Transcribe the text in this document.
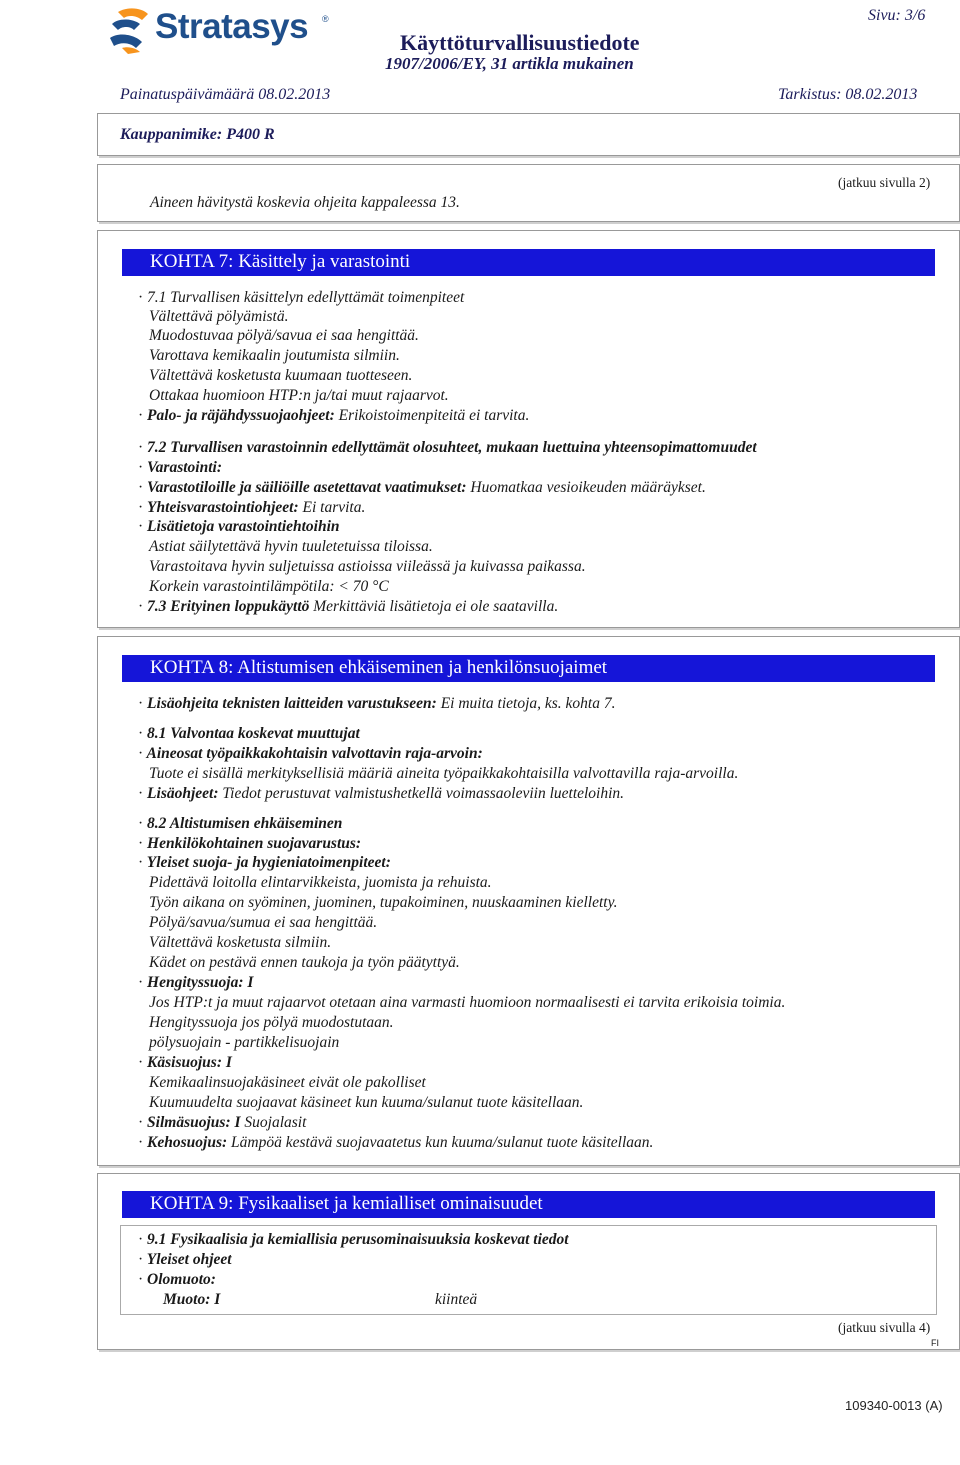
Stratasys ®	Sivu: 3/6
Käyttöturvallisuustiedote
1907/2006/EY, 31 artikla mukainen
Painatuspäivämäärä 08.02.2013	Tarkistus: 08.02.2013
Kauppanimike: P400 R
(jatkuu sivulla 2)
Aineen hävitystä koskevia ohjeita kappaleessa 13.
KOHTA 7: Käsittely ja varastointi
· 7.1 Turvallisen käsittelyn edellyttämät toimenpiteet
Vältettävä pölyämistä.
Muodostuvaa pölyä/savua ei saa hengittää.
Varottava kemikaalin joutumista silmiin.
Vältettävä kosketusta kuumaan tuotteseen.
Ottakaa huomioon HTP:n ja/tai muut rajaarvot.
· Palo- ja räjähdyssuojaohjeet: Erikoistoimenpiteitä ei tarvita.
· 7.2 Turvallisen varastoinnin edellyttämät olosuhteet, mukaan luettuina yhteensopimattomuudet
· Varastointi:
· Varastotiloille ja säiliöille asetettavat vaatimukset: Huomatkaa vesioikeuden määräykset.
· Yhteisvarastointiohjeet: Ei tarvita.
· Lisätietoja varastointiehtoihin
Astiat säilytettävä hyvin tuuletetuissa tiloissa.
Varastoitava hyvin suljetuissa astioissa viileässä ja kuivassa paikassa.
Korkein varastointilämpötila: < 70 °C
· 7.3 Erityinen loppukäyttö Merkittäviä lisätietoja ei ole saatavilla.
KOHTA 8: Altistumisen ehkäiseminen ja henkilönsuojaimet
· Lisäohjeita teknisten laitteiden varustukseen: Ei muita tietoja, ks. kohta 7.
· 8.1 Valvontaa koskevat muuttujat
· Aineosat työpaikkakohtaisin valvottavin raja-arvoin:
Tuote ei sisällä merkityksellisiä määriä aineita työpaikkakohtaisilla valvottavilla raja-arvoilla.
· Lisäohjeet: Tiedot perustuvat valmistushetkellä voimassaoleviin luetteloihin.
· 8.2 Altistumisen ehkäiseminen
· Henkilökohtainen suojavarustus:
· Yleiset suoja- ja hygieniatoimenpiteet:
Pidettävä loitolla elintarvikkeista, juomista ja rehuista.
Työn aikana on syöminen, juominen, tupakoiminen, nuuskaaminen kielletty.
Pölyä/savua/sumua ei saa hengittää.
Vältettävä kosketusta silmiin.
Kädet on pestävä ennen taukoja ja työn päätyttyä.
· Hengityssuoja: I
Jos HTP:t ja muut rajaarvot otetaan aina varmasti huomioon normaalisesti ei tarvita erikoisia toimia.
Hengityssuoja jos pölyä muodostutaan.
pölysuojain - partikkelisuojain
· Käsisuojus: I
Kemikaalinsuojakäsineet eivät ole pakolliset
Kuumuudelta suojaavat käsineet kun kuuma/sulanut tuote käsitellaan.
· Silmäsuojus: I Suojalasit
· Kehosuojus: Lämpöä kestävä suojavaatetus kun kuuma/sulanut tuote käsitellaan.
KOHTA 9: Fysikaaliset ja kemialliset ominaisuudet
· 9.1 Fysikaalisia ja kemiallisia perusominaisuuksia koskevat tiedot
· Yleiset ohjeet
· Olomuoto:
Muoto: I	kiinteä
(jatkuu sivulla 4)
FI
109340-0013 (A)
